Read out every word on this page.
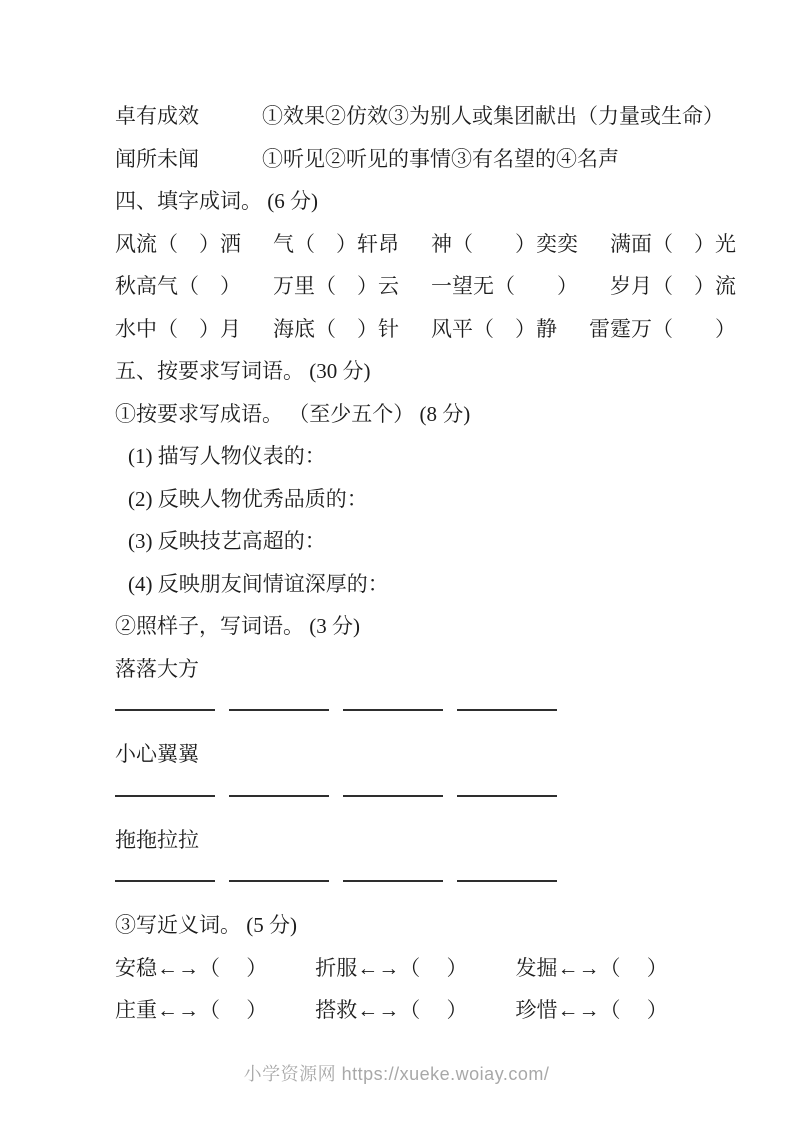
卓有成效	①效果②仿效③为别人或集团献出（力量或生命）
闻所未闻	①听见②听见的事情③有名望的④名声
四、填字成词。 (6 分)
风流（　）洒 气（　）轩昂 神（　　）奕奕 满面（　）光
秋高气（　） 万里（　）云 一望无（　　） 岁月（　）流
水中（　）月 海底（　）针 风平（　）静 雷霆万（　　）
五、按要求写词语。 (30 分)
①按要求写成语。 （至少五个） (8 分)
(1) 描写人物仪表的：
(2) 反映人物优秀品质的：
(3) 反映技艺高超的：
(4) 反映朋友间情谊深厚的：
②照样子，写词语。 (3 分)
落落大方
小心翼翼
拖拖拉拉
③写近义词。 (5 分)
安稳←→（　 ） 折服←→（　 ） 发掘←→（　 ）
庄重←→（　 ） 搭救←→（　 ） 珍惜←→（　 ）
小学资源网 https://xueke.woiay.com/
